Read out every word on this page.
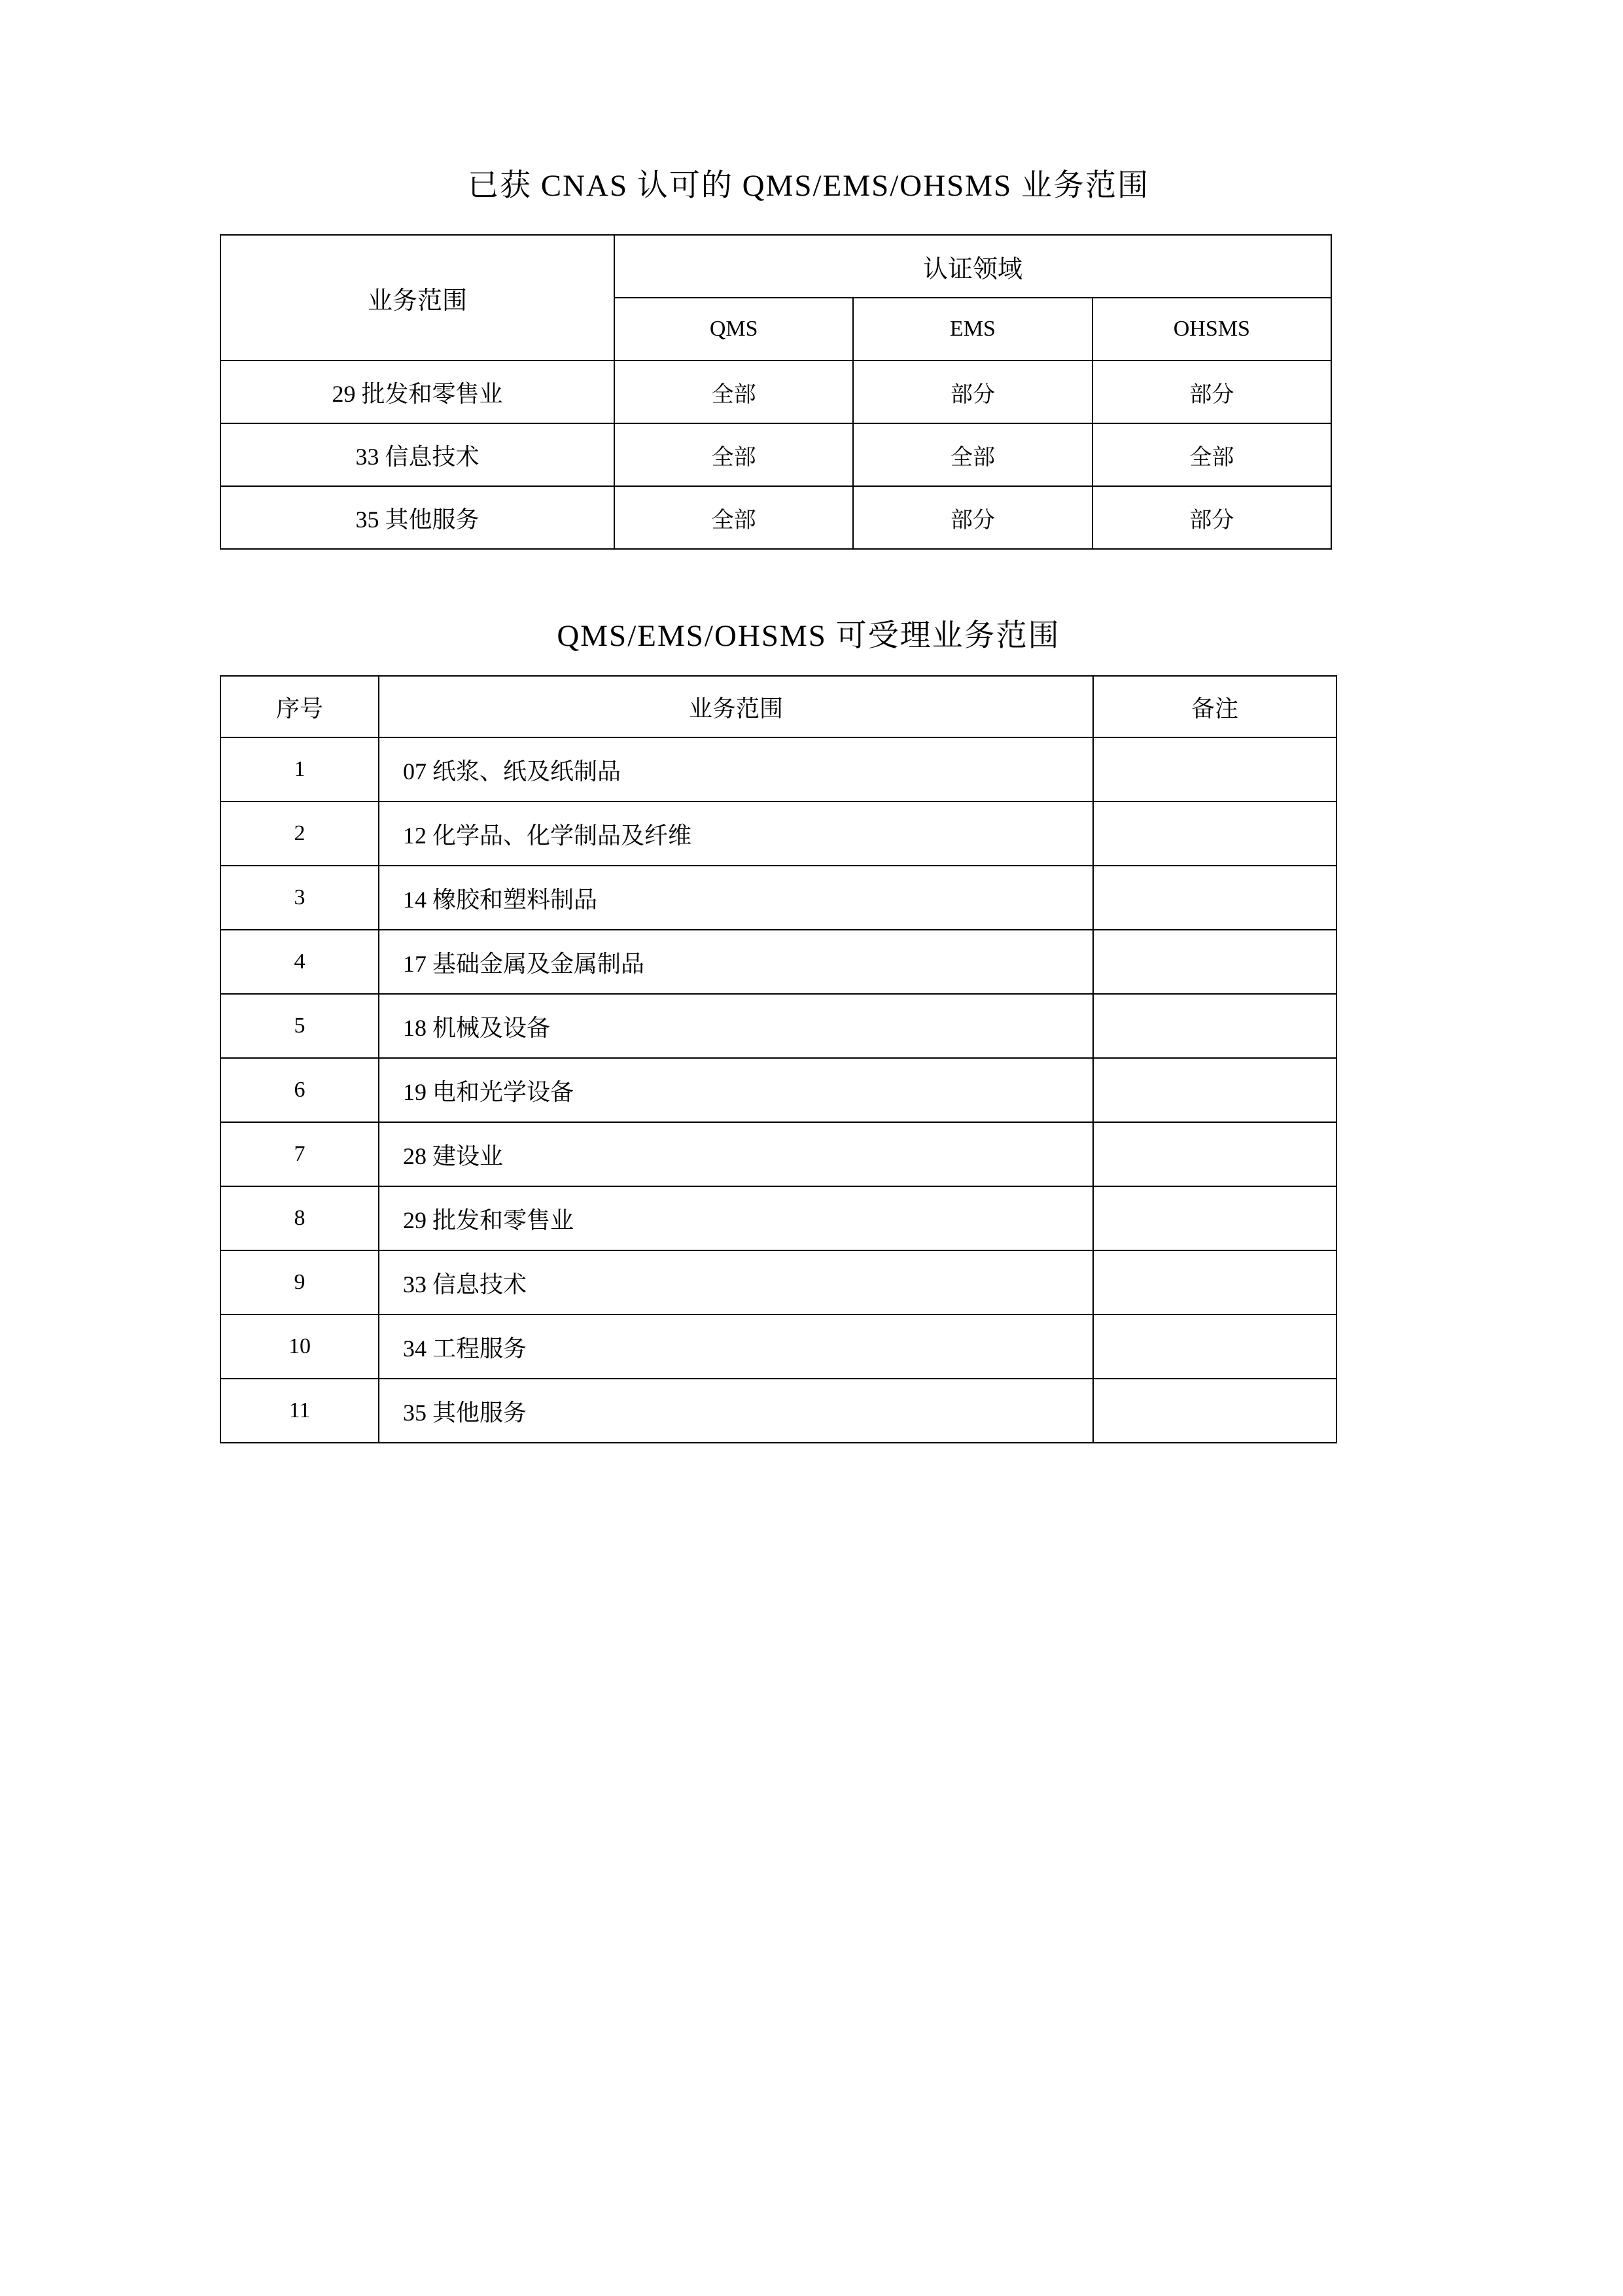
已获 CNAS 认可的 QMS/EMS/OHSMS 业务范围
业务范围	认证领域		
	QMS	EMS	OHSMS
29 批发和零售业	全部	部分	部分
33 信息技术	全部	全部	全部
35 其他服务	全部	部分	部分
QMS/EMS/OHSMS 可受理业务范围
序号	业务范围	备注
1	07 纸浆、纸及纸制品	
2	12 化学品、化学制品及纤维	
3	14 橡胶和塑料制品	
4	17 基础金属及金属制品	
5	18 机械及设备	
6	19 电和光学设备	
7	28 建设业	
8	29 批发和零售业	
9	33 信息技术	
10	34 工程服务	
11	35 其他服务	
